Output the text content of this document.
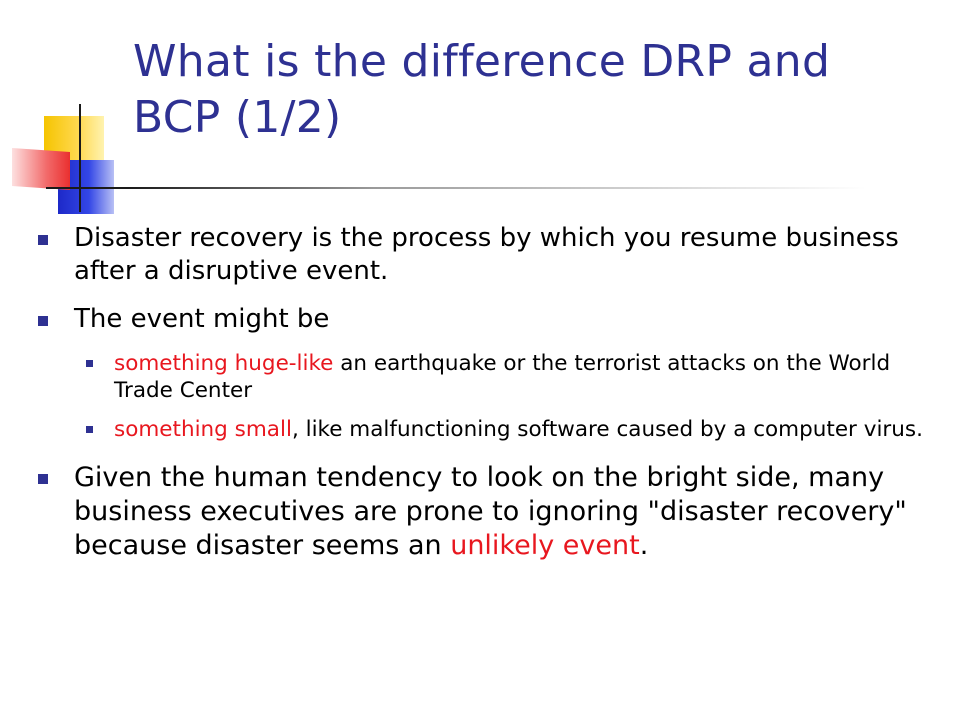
What is the difference DRP and BCP (1/2)
Disaster recovery is the process by which you resume business after a disruptive event.
The event might be
something huge-like an earthquake or the terrorist attacks on the World Trade Center
something small, like malfunctioning software caused by a computer virus.
Given the human tendency to look on the bright side, many business executives are prone to ignoring "disaster recovery" because disaster seems an unlikely event.
